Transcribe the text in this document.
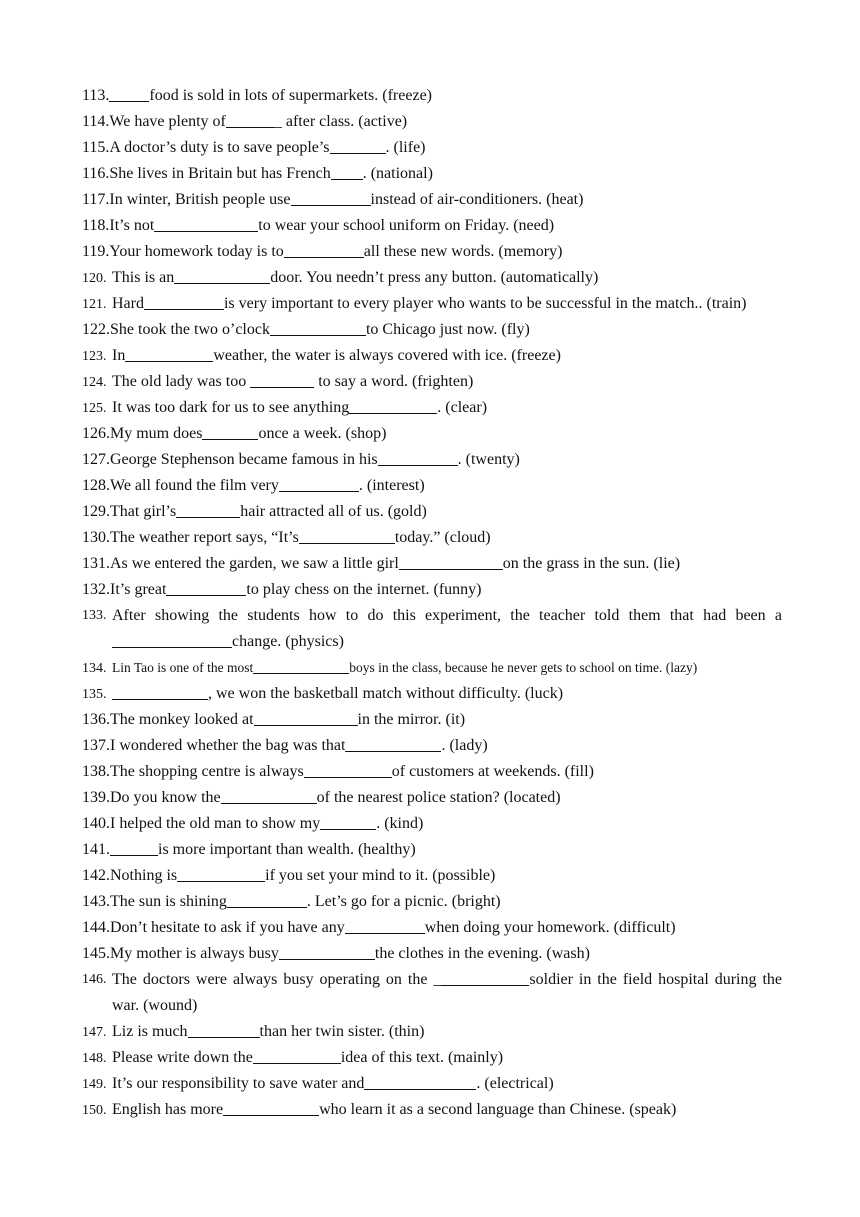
113.	food is sold in lots of supermarkets. (freeze)
114.We have plenty of	_ after class. (active)
115.A doctor’s duty is to save people’s	. (life)
116.She lives in Britain but has French . (national)
117.In winter, British people use	instead of air-conditioners. (heat)
118.It’s not	to wear your school uniform on Friday. (need)
119.Your homework today is to	all these new words. (memory)
120. This is an	door. You needn’t press any button. (automatically)
121. Hard	is very important to every player who wants to be successful in the match.. (train)
122.She took the two o’clock	to Chicago just now. (fly)
123. In	weather, the water is always covered with ice. (freeze)
124. The old lady was too	to say a word. (frighten)
125. It was too dark for us to see anything	. (clear)
126.My mum does	once a week. (shop)
127.George Stephenson became famous in his	. (twenty)
128.We all found the film very	. (interest)
129.That girl’s	hair attracted all of us. (gold)
130.The weather report says, “It’s	today.” (cloud)
131.As we entered the garden, we saw a little girl	on the grass in the sun. (lie)
132.It’s great	to play chess on the internet. (funny)
133. After showing the students how to do this experiment, the teacher told them that had been a change. (physics)
134. Lin Tao is one of the most	boys in the class, because he never gets to school on time. (lazy)
135.	, we won the basketball match without difficulty. (luck)
136.The monkey looked at	in the mirror. (it)
137.I wondered whether the bag was that	. (lady)
138.The shopping centre is always	of customers at weekends. (fill)
139.Do you know the	of the nearest police station? (located)
140.I helped the old man to show my	. (kind)
141.	is more important than wealth. (healthy)
142.Nothing is	if you set your mind to it. (possible)
143.The sun is shining	. Let’s go for a picnic. (bright)
144.Don’t hesitate to ask if you have any	when doing your homework. (difficult)
145.My mother is always busy	the clothes in the evening. (wash)
146. The doctors were always busy operating on the _	soldier in the field hospital during the war. (wound)
147. Liz is much	than her twin sister. (thin)
148. Please write down the	idea of this text. (mainly)
149. It’s our responsibility to save water and	. (electrical)
150. English has more	who learn it as a second language than Chinese. (speak)
